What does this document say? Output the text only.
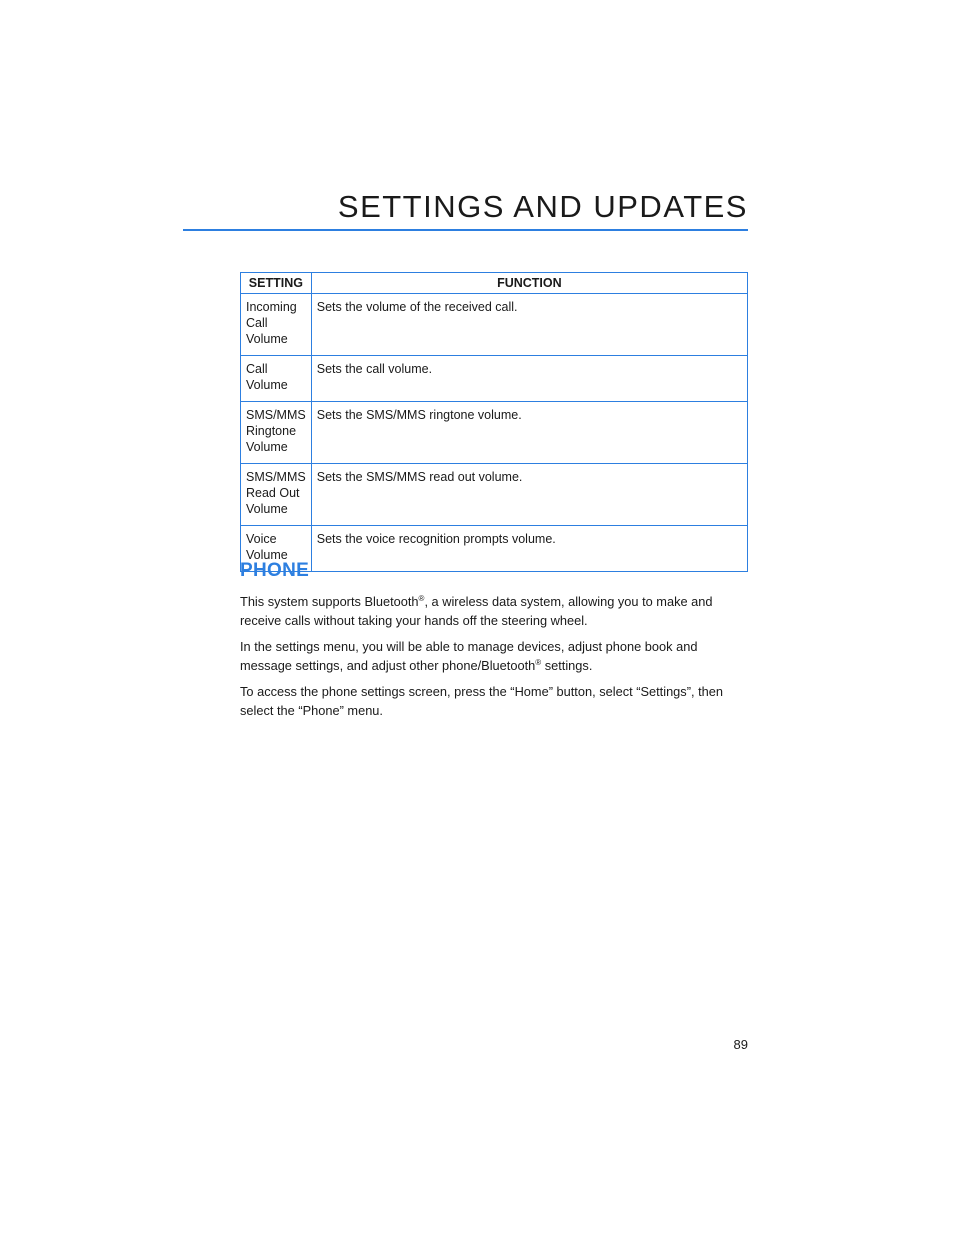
SETTINGS AND UPDATES
SETTING	FUNCTION
Incoming Call Volume	Sets the volume of the received call.
Call Volume	Sets the call volume.
SMS/MMS Ringtone Volume	Sets the SMS/MMS ringtone volume.
SMS/MMS Read Out Volume	Sets the SMS/MMS read out volume.
Voice Volume	Sets the voice recognition prompts volume.
PHONE

This system supports Bluetooth®, a wireless data system, allowing you to make and receive calls without taking your hands off the steering wheel.

In the settings menu, you will be able to manage devices, adjust phone book and message settings, and adjust other phone/Bluetooth® settings.

To access the phone settings screen, press the “Home” button, select “Settings”, then select the “Phone” menu.

89
